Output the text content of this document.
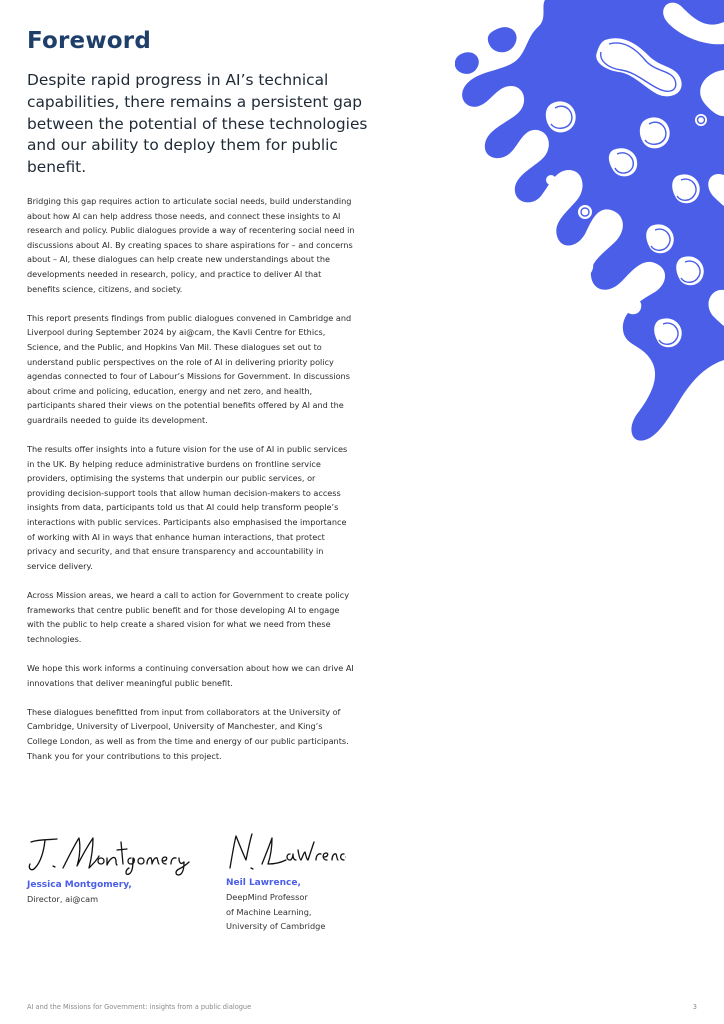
Foreword

Despite rapid progress in AI’s technical capabilities, there remains a persistent gap between the potential of these technologies and our ability to deploy them for public benefit.

Bridging this gap requires action to articulate social needs, build understanding about how AI can help address those needs, and connect these insights to AI research and policy. Public dialogues provide a way of recentering social need in discussions about AI. By creating spaces to share aspirations for – and concerns about – AI, these dialogues can help create new understandings about the developments needed in research, policy, and practice to deliver AI that benefits science, citizens, and society.

This report presents findings from public dialogues convened in Cambridge and Liverpool during September 2024 by ai@cam, the Kavli Centre for Ethics, Science, and the Public, and Hopkins Van Mil. These dialogues set out to understand public perspectives on the role of AI in delivering priority policy agendas connected to four of Labour’s Missions for Government. In discussions about crime and policing, education, energy and net zero, and health, participants shared their views on the potential benefits offered by AI and the guardrails needed to guide its development.

The results offer insights into a future vision for the use of AI in public services in the UK. By helping reduce administrative burdens on frontline service providers, optimising the systems that underpin our public services, or providing decision-support tools that allow human decision-makers to access insights from data, participants told us that AI could help transform people’s interactions with public services. Participants also emphasised the importance of working with AI in ways that enhance human interactions, that protect privacy and security, and that ensure transparency and accountability in service delivery.

Across Mission areas, we heard a call to action for Government to create policy frameworks that centre public benefit and for those developing AI to engage with the public to help create a shared vision for what we need from these technologies.

We hope this work informs a continuing conversation about how we can drive AI innovations that deliver meaningful public benefit.

These dialogues benefitted from input from collaborators at the University of Cambridge, University of Liverpool, University of Manchester, and King’s College London, as well as from the time and energy of our public participants. Thank you for your contributions to this project.

Jessica Montgomery,
Director, ai@cam
Neil Lawrence,
DeepMind Professor
of Machine Learning,
University of Cambridge
AI and the Missions for Government: insights from a public dialogue	3
